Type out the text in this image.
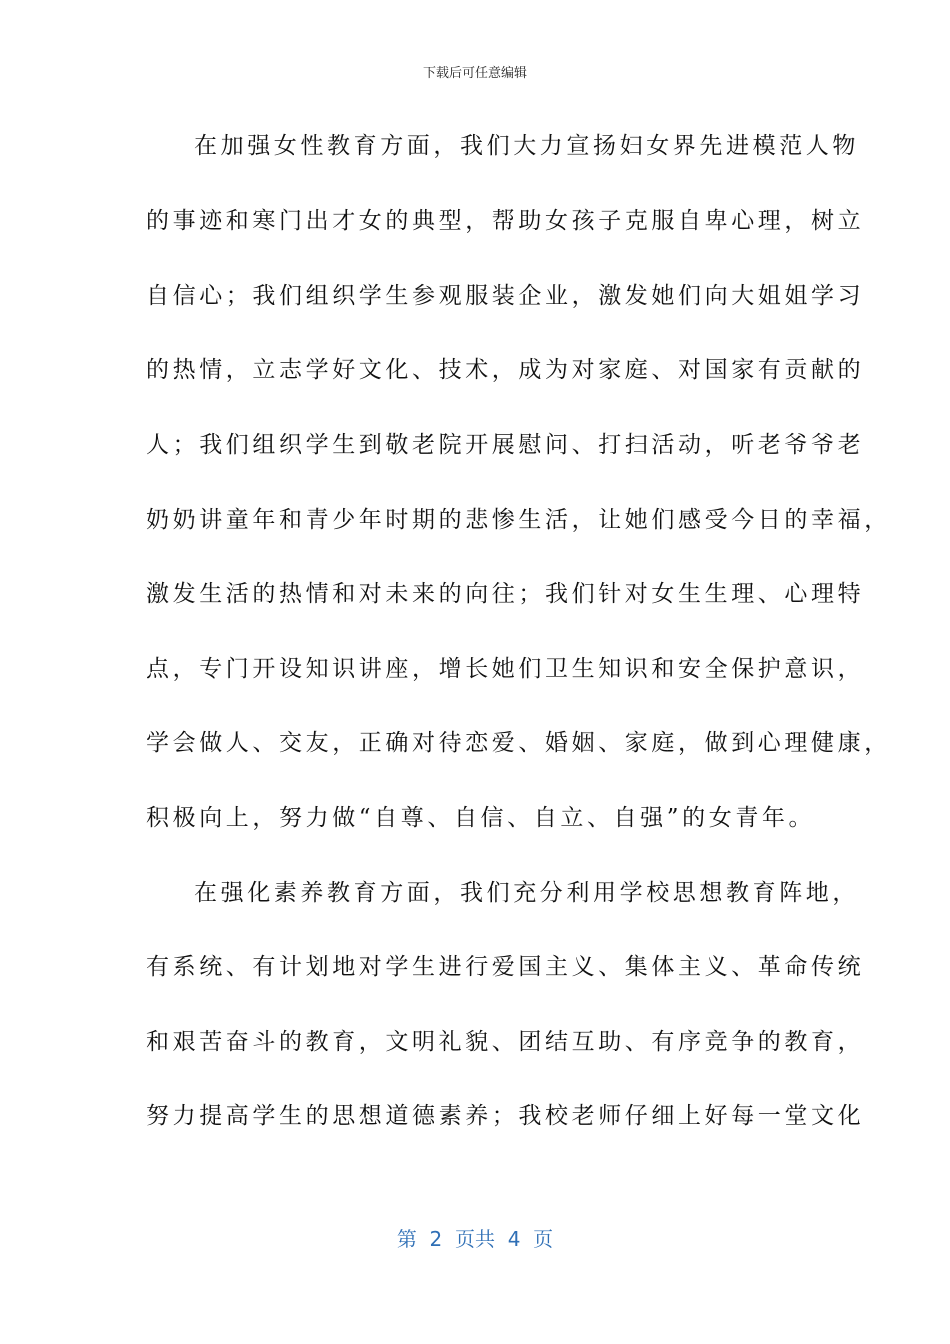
下载后可任意编辑
在加强女性教育方面，我们大力宣扬妇女界先进模范人物
的事迹和寒门出才女的典型，帮助女孩子克服自卑心理，树立
自信心；我们组织学生参观服装企业，激发她们向大姐姐学习
的热情，立志学好文化、技术，成为对家庭、对国家有贡献的
人；我们组织学生到敬老院开展慰问、打扫活动，听老爷爷老
奶奶讲童年和青少年时期的悲惨生活，让她们感受今日的幸福，
激发生活的热情和对未来的向往；我们针对女生生理、心理特
点，专门开设知识讲座，增长她们卫生知识和安全保护意识，
学会做人、交友，正确对待恋爱、婚姻、家庭，做到心理健康，
积极向上，努力做“自尊、自信、自立、自强”的女青年。
在强化素养教育方面，我们充分利用学校思想教育阵地，
有系统、有计划地对学生进行爱国主义、集体主义、革命传统
和艰苦奋斗的教育，文明礼貌、团结互助、有序竞争的教育，
努力提高学生的思想道德素养；我校老师仔细上好每一堂文化
第  2  页共  4  页
